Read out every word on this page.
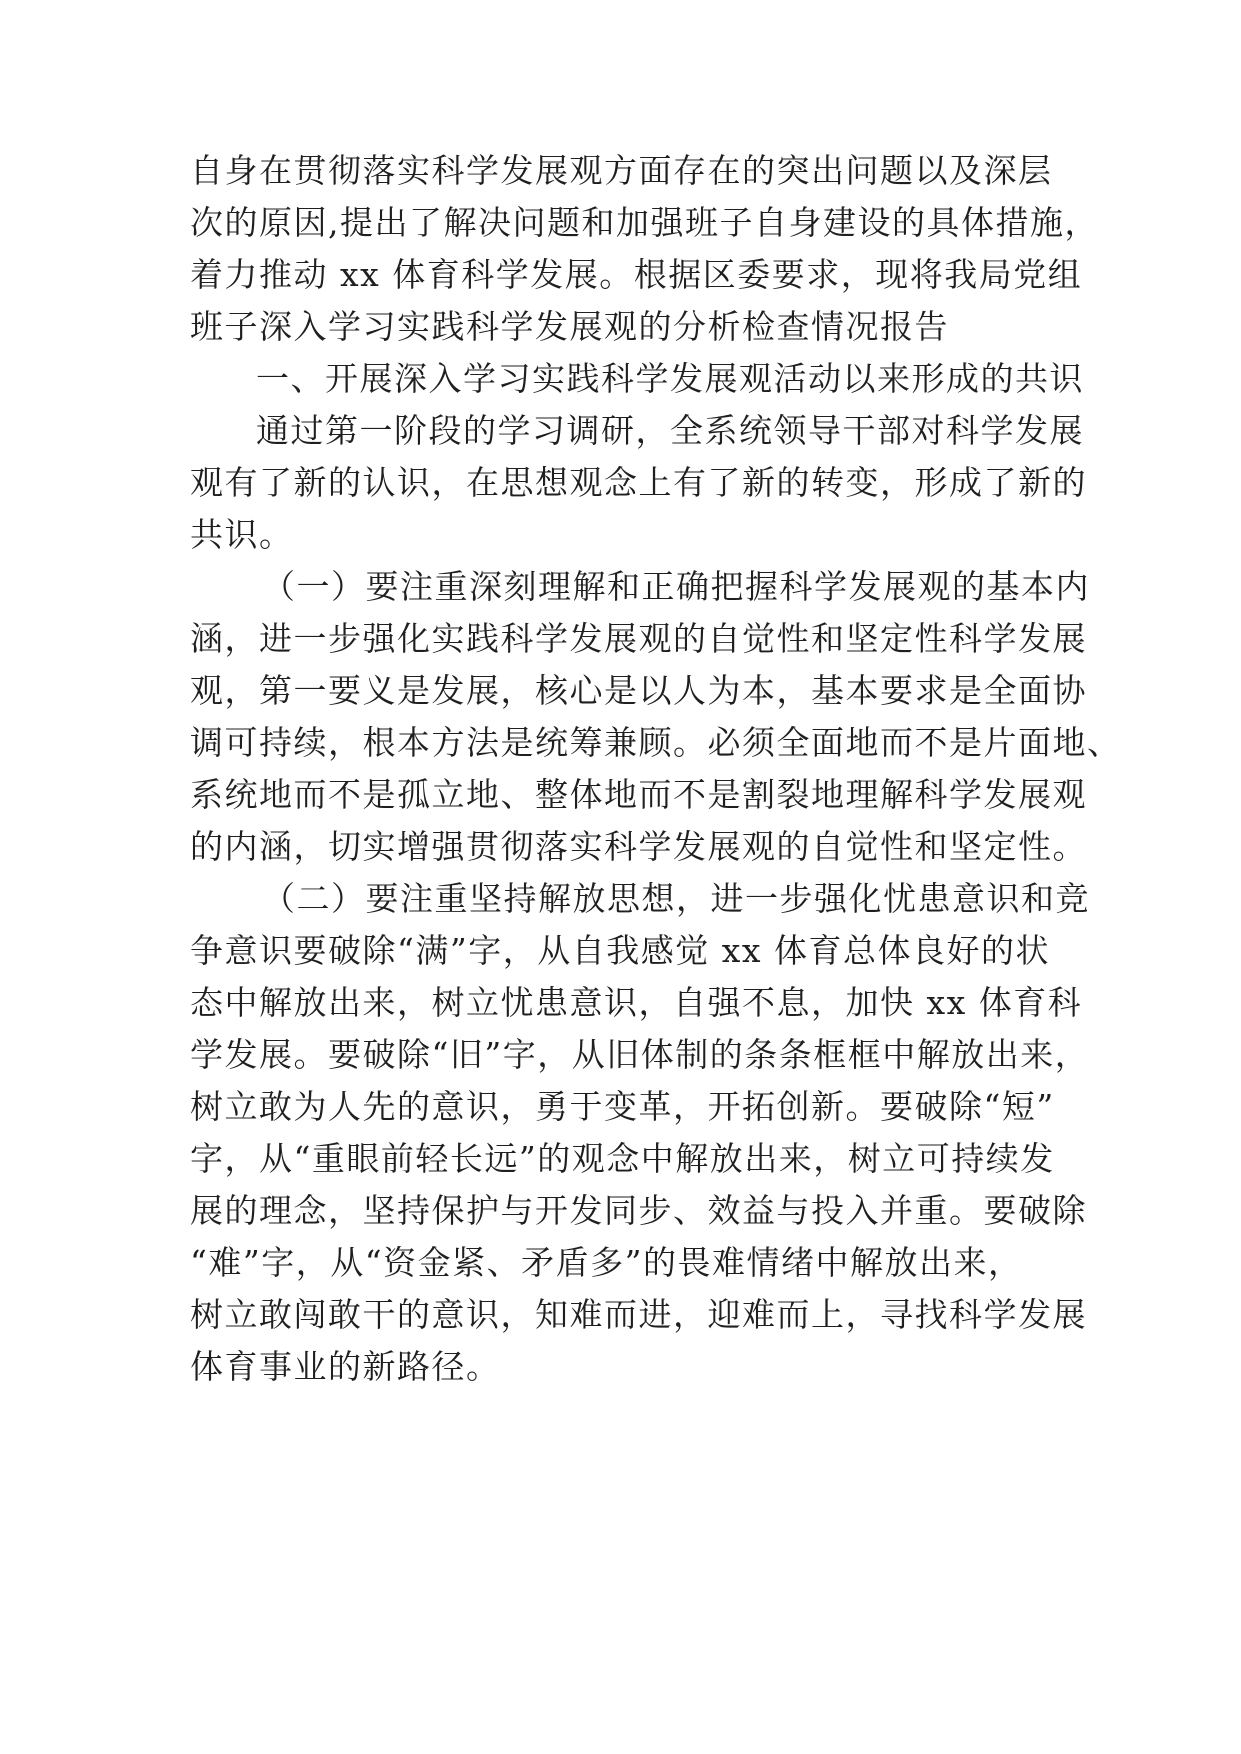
自身在贯彻落实科学发展观方面存在的突出问题以及深层
次的原因,提出了解决问题和加强班子自身建设的具体措施，
着力推动 xx 体育科学发展。根据区委要求，现将我局党组
班子深入学习实践科学发展观的分析检查情况报告
一、开展深入学习实践科学发展观活动以来形成的共识
通过第一阶段的学习调研，全系统领导干部对科学发展
观有了新的认识，在思想观念上有了新的转变，形成了新的
共识。
（一）要注重深刻理解和正确把握科学发展观的基本内
涵，进一步强化实践科学发展观的自觉性和坚定性科学发展
观，第一要义是发展，核心是以人为本，基本要求是全面协
调可持续，根本方法是统筹兼顾。必须全面地而不是片面地、
系统地而不是孤立地、整体地而不是割裂地理解科学发展观
的内涵，切实增强贯彻落实科学发展观的自觉性和坚定性。
（二）要注重坚持解放思想，进一步强化忧患意识和竞
争意识要破除“满”字，从自我感觉 xx 体育总体良好的状
态中解放出来，树立忧患意识，自强不息，加快 xx 体育科
学发展。要破除“旧”字，从旧体制的条条框框中解放出来，
树立敢为人先的意识，勇于变革，开拓创新。要破除“短”
字，从“重眼前轻长远”的观念中解放出来，树立可持续发
展的理念，坚持保护与开发同步、效益与投入并重。要破除
“难”字，从“资金紧、矛盾多”的畏难情绪中解放出来，
树立敢闯敢干的意识，知难而进，迎难而上，寻找科学发展
体育事业的新路径。
